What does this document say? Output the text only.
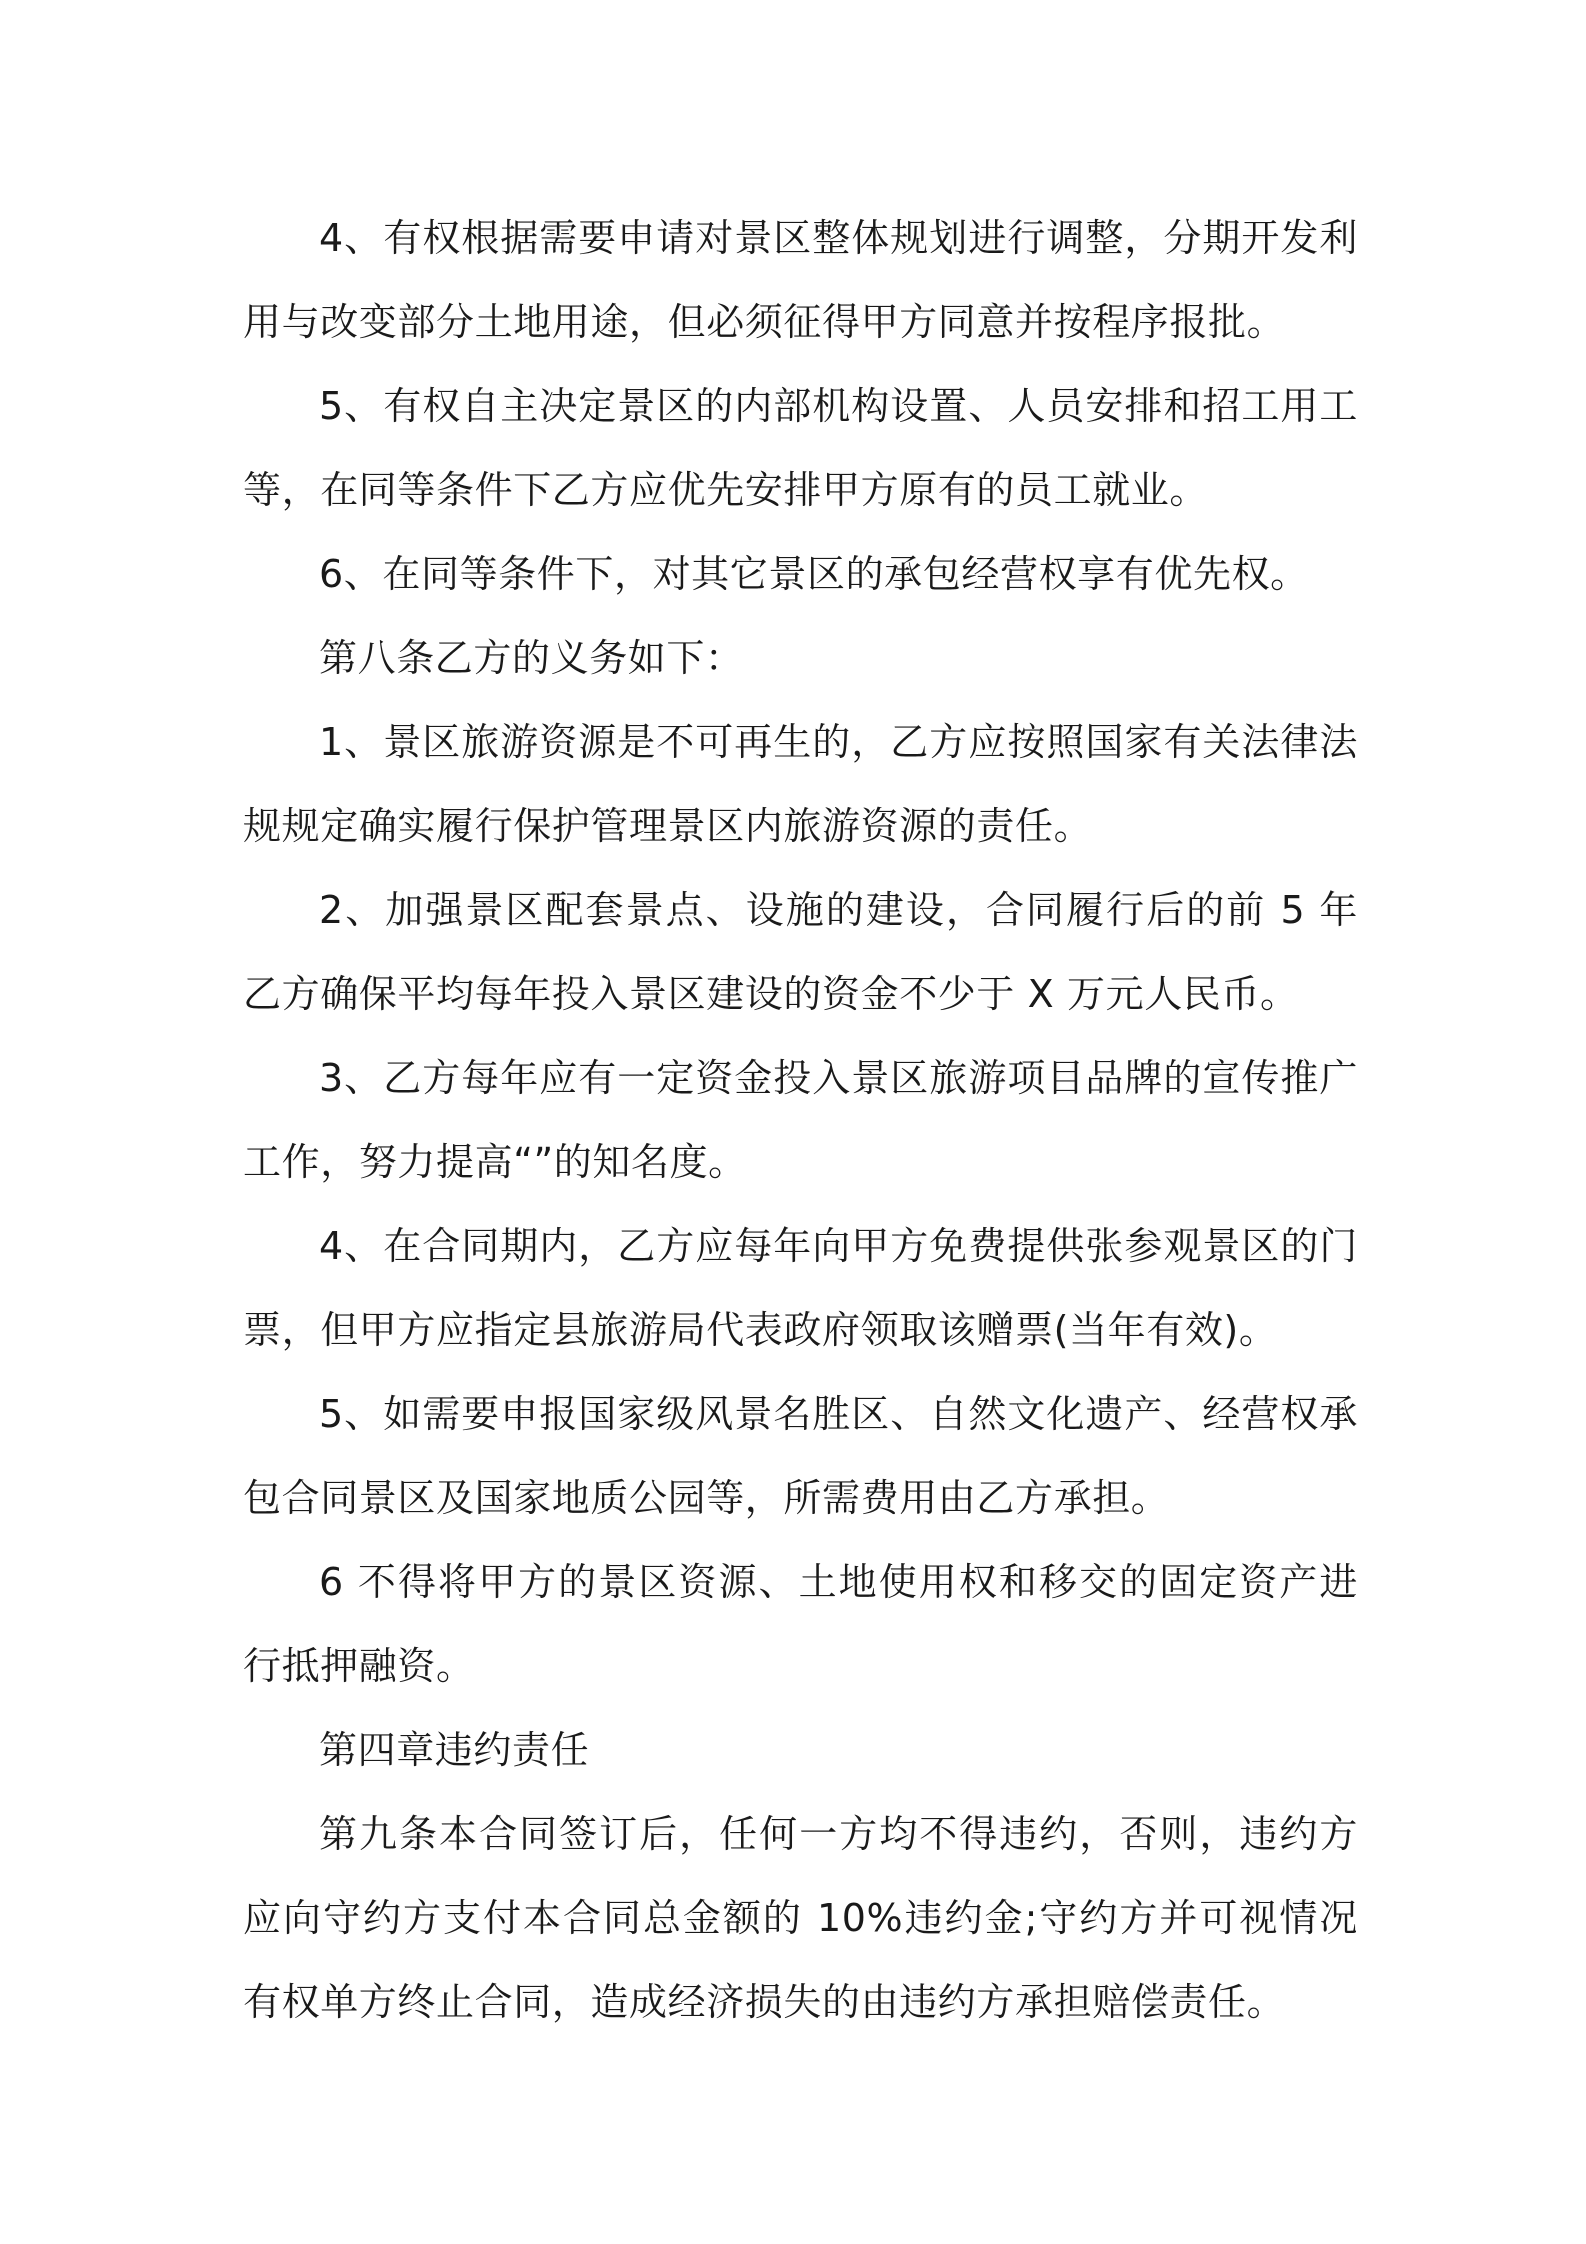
4、有权根据需要申请对景区整体规划进行调整，分期开发利用与改变部分土地用途，但必须征得甲方同意并按程序报批。

5、有权自主决定景区的内部机构设置、人员安排和招工用工等，在同等条件下乙方应优先安排甲方原有的员工就业。

6、在同等条件下，对其它景区的承包经营权享有优先权。

第八条乙方的义务如下：

1、景区旅游资源是不可再生的，乙方应按照国家有关法律法规规定确实履行保护管理景区内旅游资源的责任。

2、加强景区配套景点、设施的建设，合同履行后的前 5 年乙方确保平均每年投入景区建设的资金不少于 X 万元人民币。

3、乙方每年应有一定资金投入景区旅游项目品牌的宣传推广工作，努力提高“”的知名度。

4、在合同期内，乙方应每年向甲方免费提供张参观景区的门票，但甲方应指定县旅游局代表政府领取该赠票(当年有效)。

5、如需要申报国家级风景名胜区、自然文化遗产、经营权承包合同景区及国家地质公园等，所需费用由乙方承担。

6 不得将甲方的景区资源、土地使用权和移交的固定资产进行抵押融资。

第四章违约责任

第九条本合同签订后，任何一方均不得违约，否则，违约方应向守约方支付本合同总金额的 10%违约金;守约方并可视情况有权单方终止合同，造成经济损失的由违约方承担赔偿责任。
